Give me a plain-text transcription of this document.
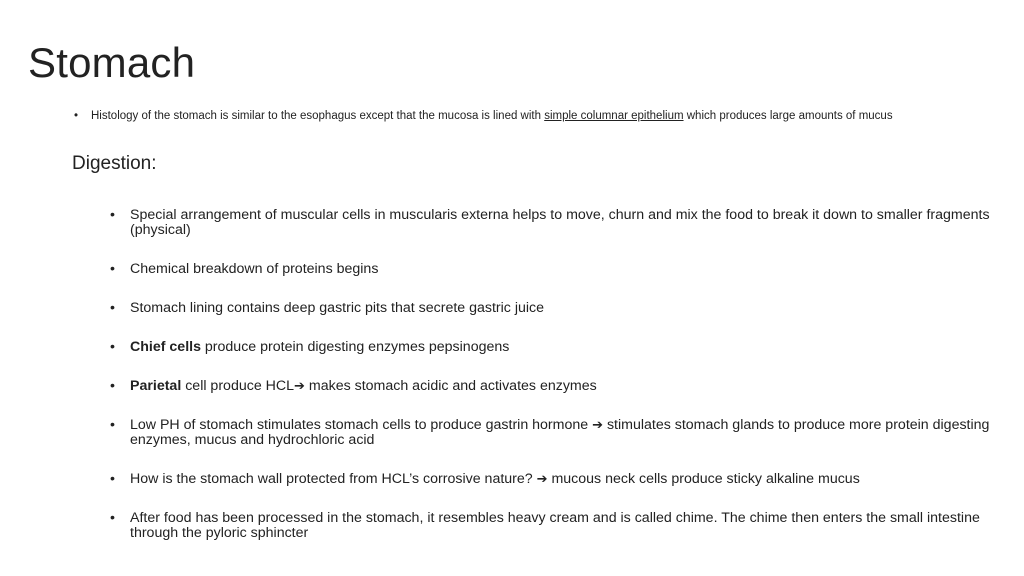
Stomach
• Histology of the stomach is similar to the esophagus except that the mucosa is lined with simple columnar epithelium which produces large amounts of mucus
Digestion:
• Special arrangement of muscular cells in muscularis externa helps to move, churn and mix the food to break it down to smaller fragments (physical)
• Chemical breakdown of proteins begins
• Stomach lining contains deep gastric pits that secrete gastric juice
• Chief cells produce protein digesting enzymes pepsinogens
• Parietal cell produce HCL➔ makes stomach acidic and activates enzymes
• Low PH of stomach stimulates stomach cells to produce gastrin hormone ➔ stimulates stomach glands to produce more protein digesting enzymes, mucus and hydrochloric acid
• How is the stomach wall protected from HCL’s corrosive nature? ➔ mucous neck cells produce sticky alkaline mucus
• After food has been processed in the stomach, it resembles heavy cream and is called chime. The chime then enters the small intestine through the pyloric sphincter
